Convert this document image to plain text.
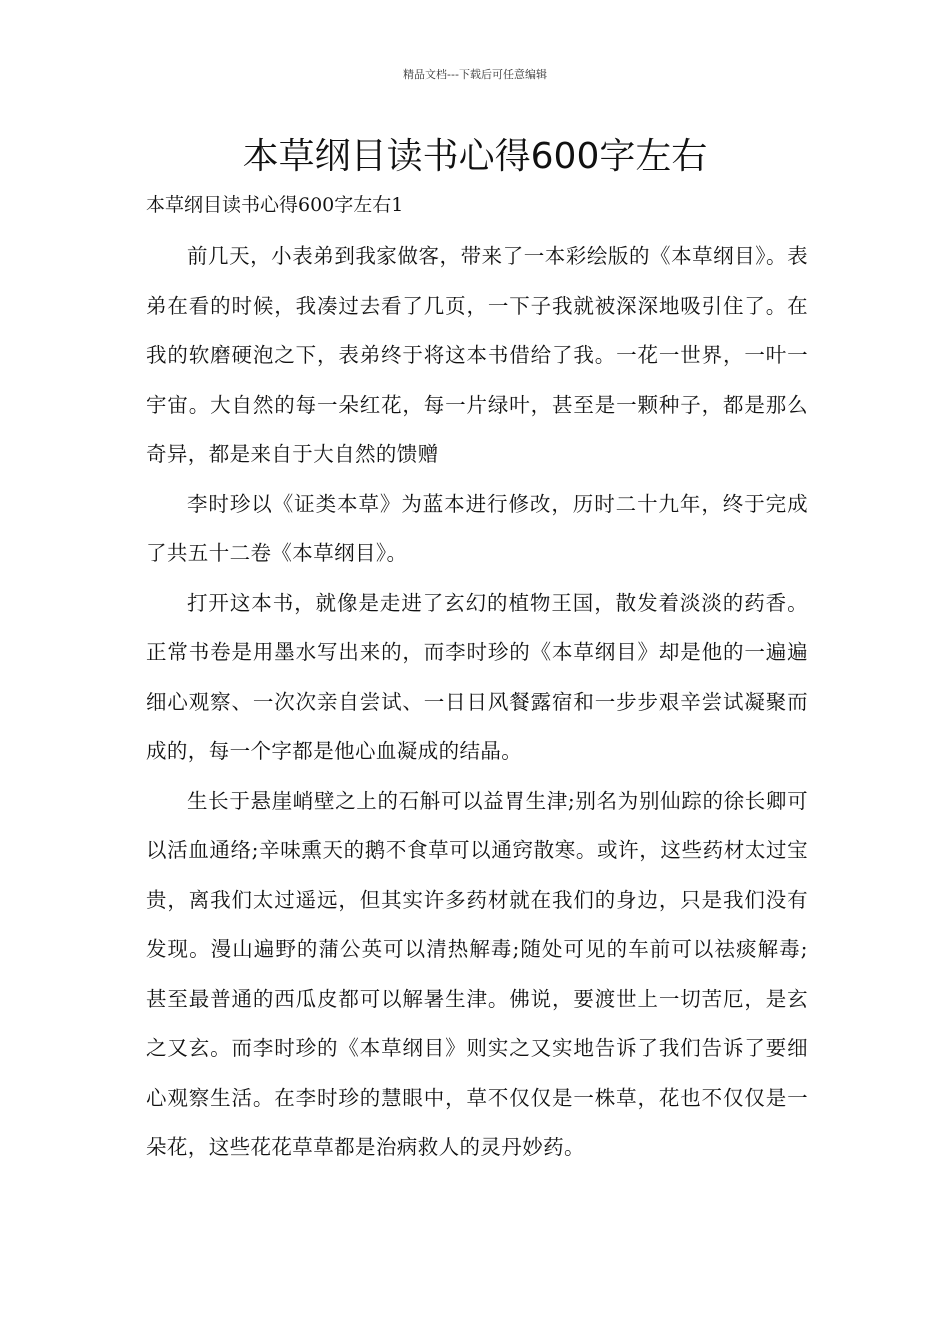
精品文档---下载后可任意编辑
本草纲目读书心得600字左右
本草纲目读书心得600字左右1

前几天，小表弟到我家做客，带来了一本彩绘版的《本草纲目》。表弟在看的时候，我凑过去看了几页，一下子我就被深深地吸引住了。在我的软磨硬泡之下，表弟终于将这本书借给了我。一花一世界，一叶一宇宙。大自然的每一朵红花，每一片绿叶，甚至是一颗种子，都是那么奇异，都是来自于大自然的馈赠

李时珍以《证类本草》为蓝本进行修改，历时二十九年，终于完成了共五十二卷《本草纲目》。

打开这本书，就像是走进了玄幻的植物王国，散发着淡淡的药香。正常书卷是用墨水写出来的，而李时珍的《本草纲目》却是他的一遍遍细心观察、一次次亲自尝试、一日日风餐露宿和一步步艰辛尝试凝聚而成的，每一个字都是他心血凝成的结晶。

生长于悬崖峭壁之上的石斛可以益胃生津;别名为别仙踪的徐长卿可以活血通络;辛味熏天的鹅不食草可以通窍散寒。或许，这些药材太过宝贵，离我们太过遥远，但其实许多药材就在我们的身边，只是我们没有发现。漫山遍野的蒲公英可以清热解毒;随处可见的车前可以祛痰解毒;甚至最普通的西瓜皮都可以解暑生津。佛说，要渡世上一切苦厄，是玄之又玄。而李时珍的《本草纲目》则实之又实地告诉了我们告诉了要细心观察生活。在李时珍的慧眼中，草不仅仅是一株草，花也不仅仅是一朵花，这些花花草草都是治病救人的灵丹妙药。
